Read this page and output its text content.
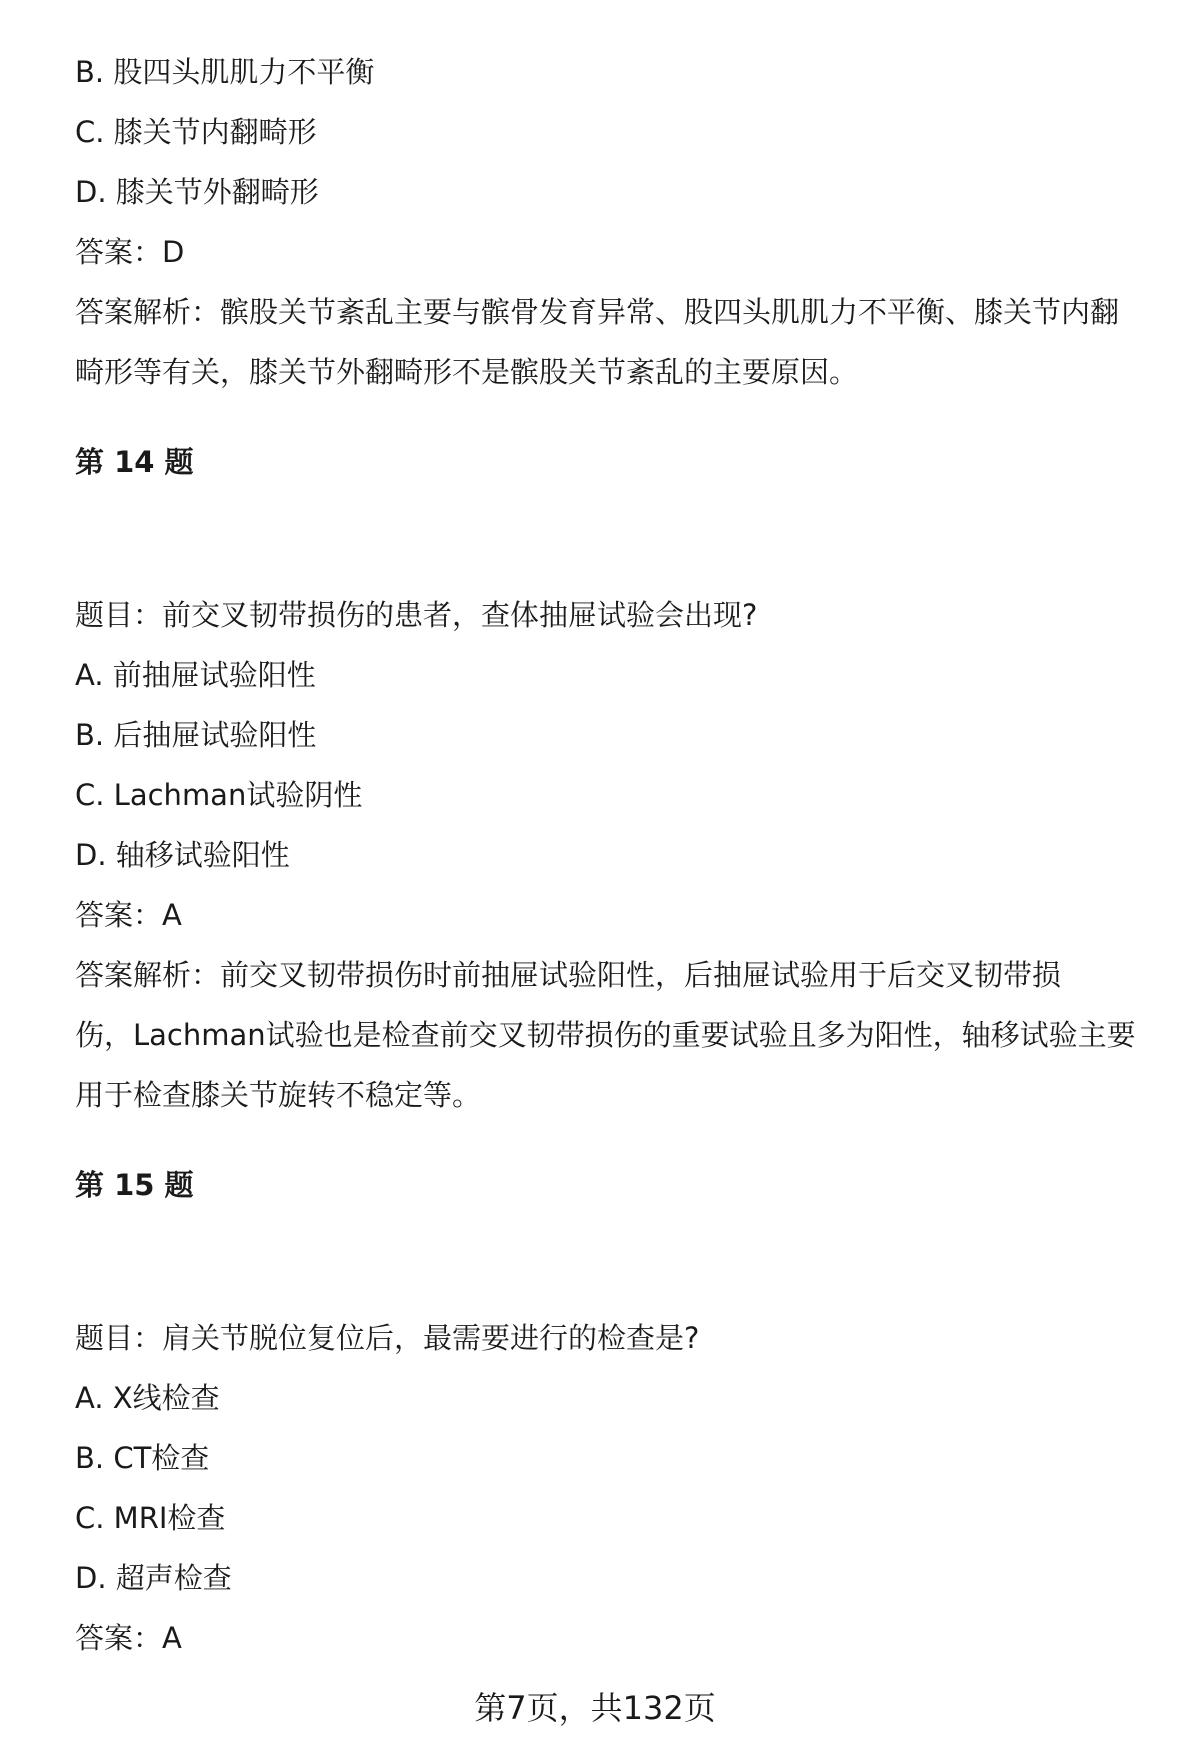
B. 股四头肌肌力不平衡
C. 膝关节内翻畸形
D. 膝关节外翻畸形
答案：D
答案解析：髌股关节紊乱主要与髌骨发育异常、股四头肌肌力不平衡、膝关节内翻
畸形等有关，膝关节外翻畸形不是髌股关节紊乱的主要原因。
第 14 题
题目：前交叉韧带损伤的患者，查体抽屉试验会出现?
A. 前抽屉试验阳性
B. 后抽屉试验阳性
C. Lachman试验阴性
D. 轴移试验阳性
答案：A
答案解析：前交叉韧带损伤时前抽屉试验阳性，后抽屉试验用于后交叉韧带损
伤，Lachman试验也是检查前交叉韧带损伤的重要试验且多为阳性，轴移试验主要
用于检查膝关节旋转不稳定等。
第 15 题
题目：肩关节脱位复位后，最需要进行的检查是?
A. X线检查
B. CT检查
C. MRI检查
D. 超声检查
答案：A
第7页，共132页
